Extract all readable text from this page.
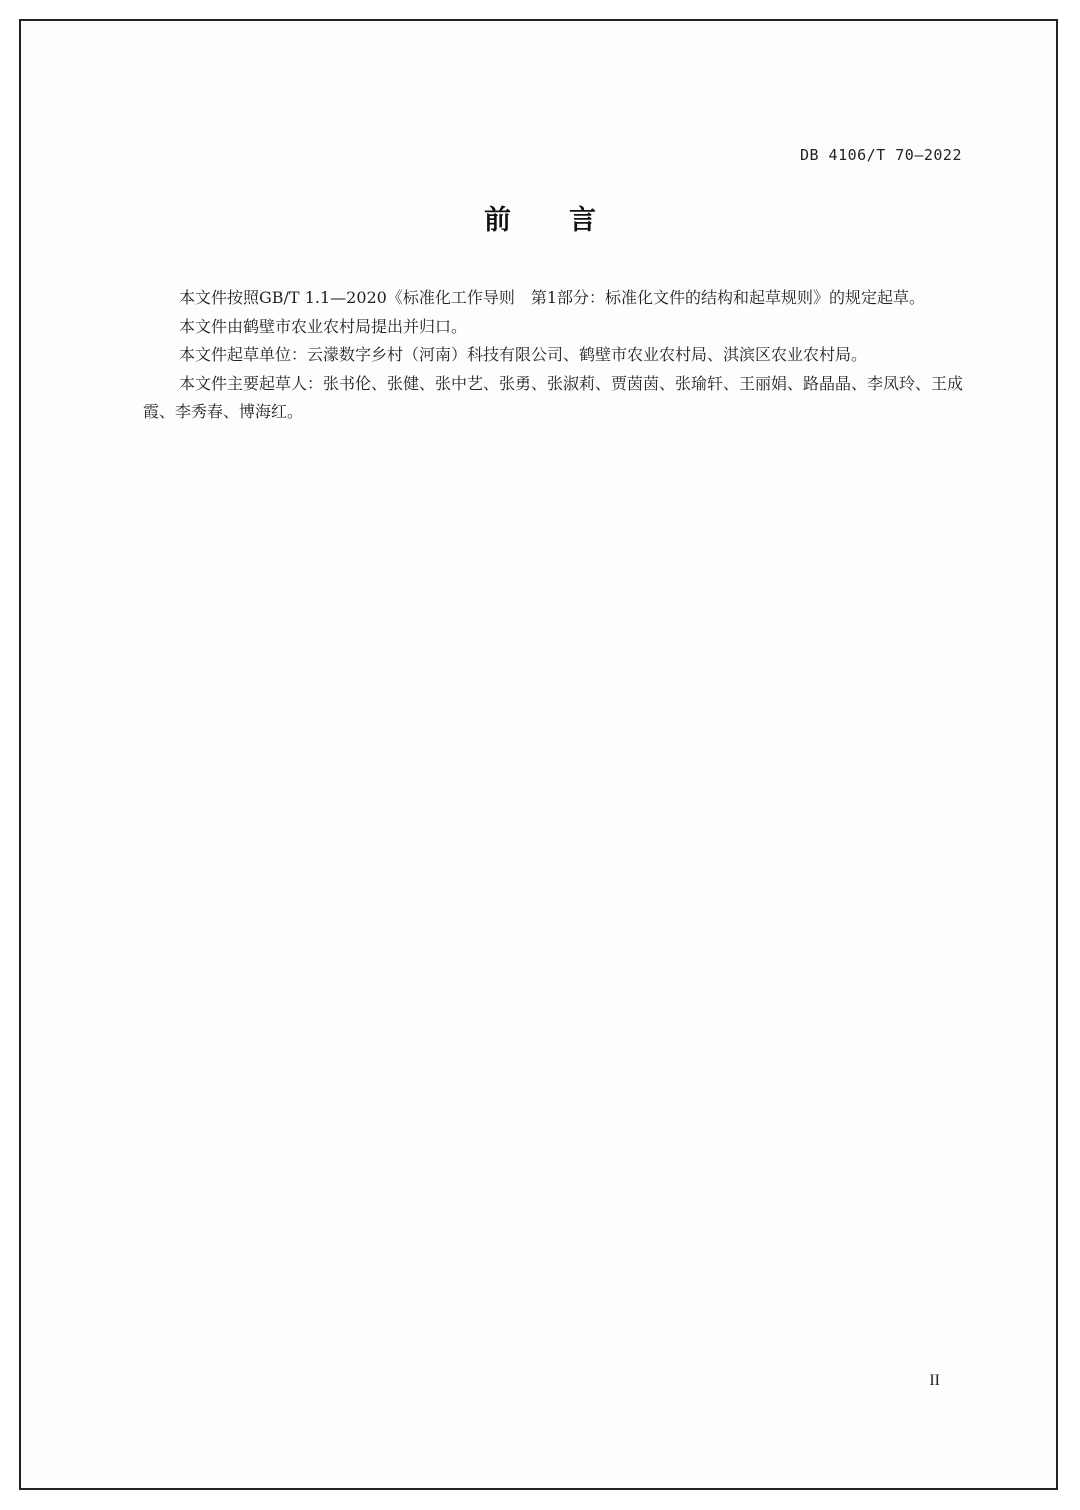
DB 4106/T 70—2022
前言

本文件按照GB/T 1.1—2020《标准化工作导则　第1部分：标准化文件的结构和起草规则》的规定起草。

本文件由鹤壁市农业农村局提出并归口。

本文件起草单位：云濛数字乡村（河南）科技有限公司、鹤壁市农业农村局、淇滨区农业农村局。

本文件主要起草人：张书伦、张健、张中艺、张勇、张淑莉、贾茵茵、张瑜轩、王丽娟、路晶晶、李凤玲、王成霞、李秀春、博海红。

II
